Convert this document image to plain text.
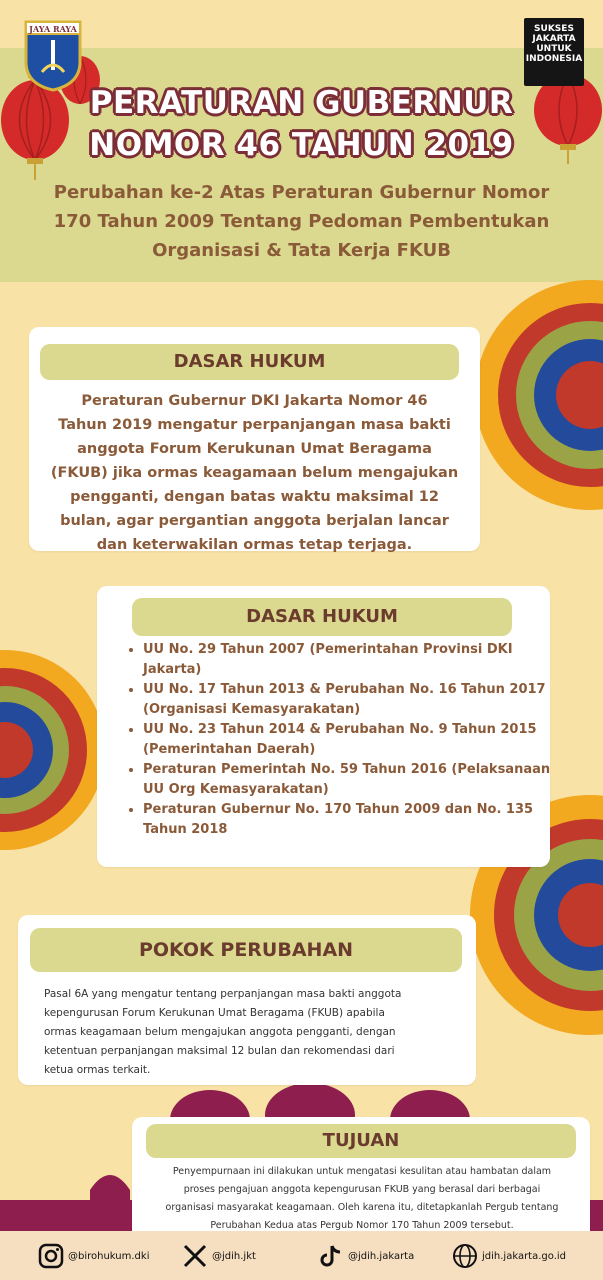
JAYA RAYA	SUKSES
JAKARTA
UNTUK
INDONESIA
PERATURAN GUBERNUR
NOMOR 46 TAHUN 2019
Perubahan ke-2 Atas Peraturan Gubernur Nomor
170 Tahun 2009 Tentang Pedoman Pembentukan
Organisasi & Tata Kerja FKUB
DASAR HUKUM
Peraturan Gubernur DKI Jakarta Nomor 46
Tahun 2019 mengatur perpanjangan masa bakti
anggota Forum Kerukunan Umat Beragama
(FKUB) jika ormas keagamaan belum mengajukan
pengganti, dengan batas waktu maksimal 12
bulan, agar pergantian anggota berjalan lancar
dan keterwakilan ormas tetap terjaga.
DASAR HUKUM
• UU No. 29 Tahun 2007 (Pemerintahan Provinsi DKI Jakarta)
• UU No. 17 Tahun 2013 & Perubahan No. 16 Tahun 2017 (Organisasi Kemasyarakatan)
• UU No. 23 Tahun 2014 & Perubahan No. 9 Tahun 2015 (Pemerintahan Daerah)
• Peraturan Pemerintah No. 59 Tahun 2016 (Pelaksanaan UU Org Kemasyarakatan)
• Peraturan Gubernur No. 170 Tahun 2009 dan No. 135 Tahun 2018
POKOK PERUBAHAN
Pasal 6A yang mengatur tentang perpanjangan masa bakti anggota
kepengurusan Forum Kerukunan Umat Beragama (FKUB) apabila
ormas keagamaan belum mengajukan anggota pengganti, dengan
ketentuan perpanjangan maksimal 12 bulan dan rekomendasi dari
ketua ormas terkait.
TUJUAN
Penyempurnaan ini dilakukan untuk mengatasi kesulitan atau hambatan dalam
proses pengajuan anggota kepengurusan FKUB yang berasal dari berbagai
organisasi masyarakat keagamaan. Oleh karena itu, ditetapkanlah Pergub tentang
Perubahan Kedua atas Pergub Nomor 170 Tahun 2009 tersebut.
@birohukum.dki	@jdih.jkt	@jdih.jakarta	jdih.jakarta.go.id
